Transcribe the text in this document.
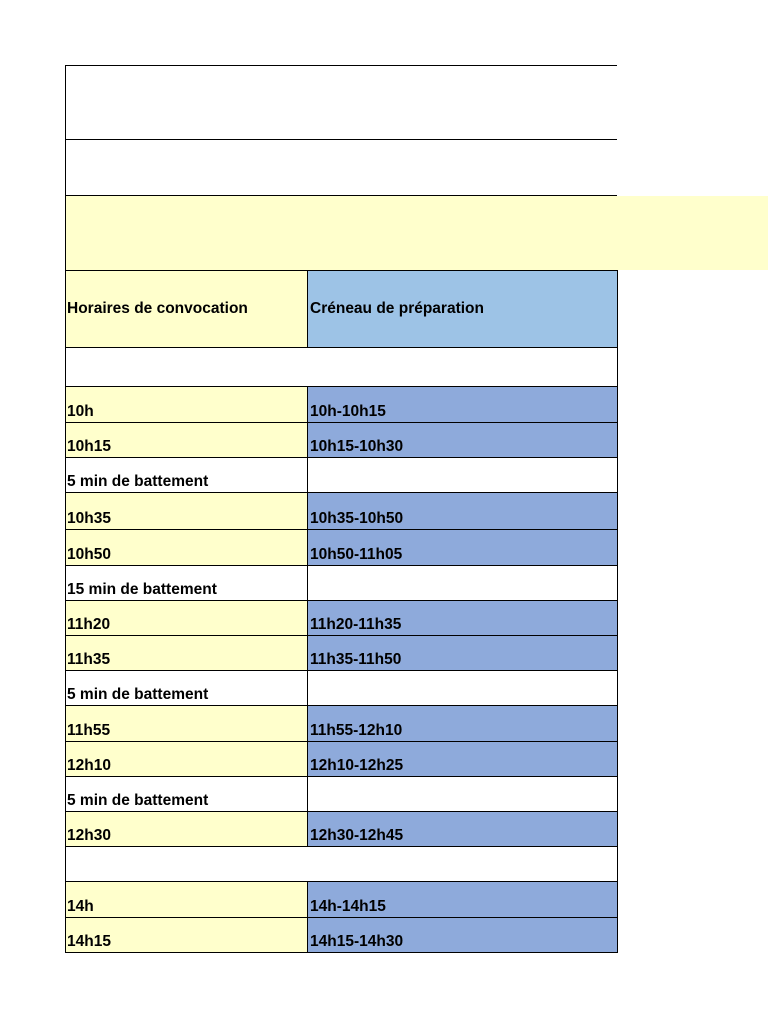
Horaires de convocation	Créneau de préparation
10h	10h-10h15
10h15	10h15-10h30
5 min de battement
10h35	10h35-10h50
10h50	10h50-11h05
15 min de battement
11h20	11h20-11h35
11h35	11h35-11h50
5 min de battement
11h55	11h55-12h10
12h10	12h10-12h25
5 min de battement
12h30	12h30-12h45
14h	14h-14h15
14h15	14h15-14h30
